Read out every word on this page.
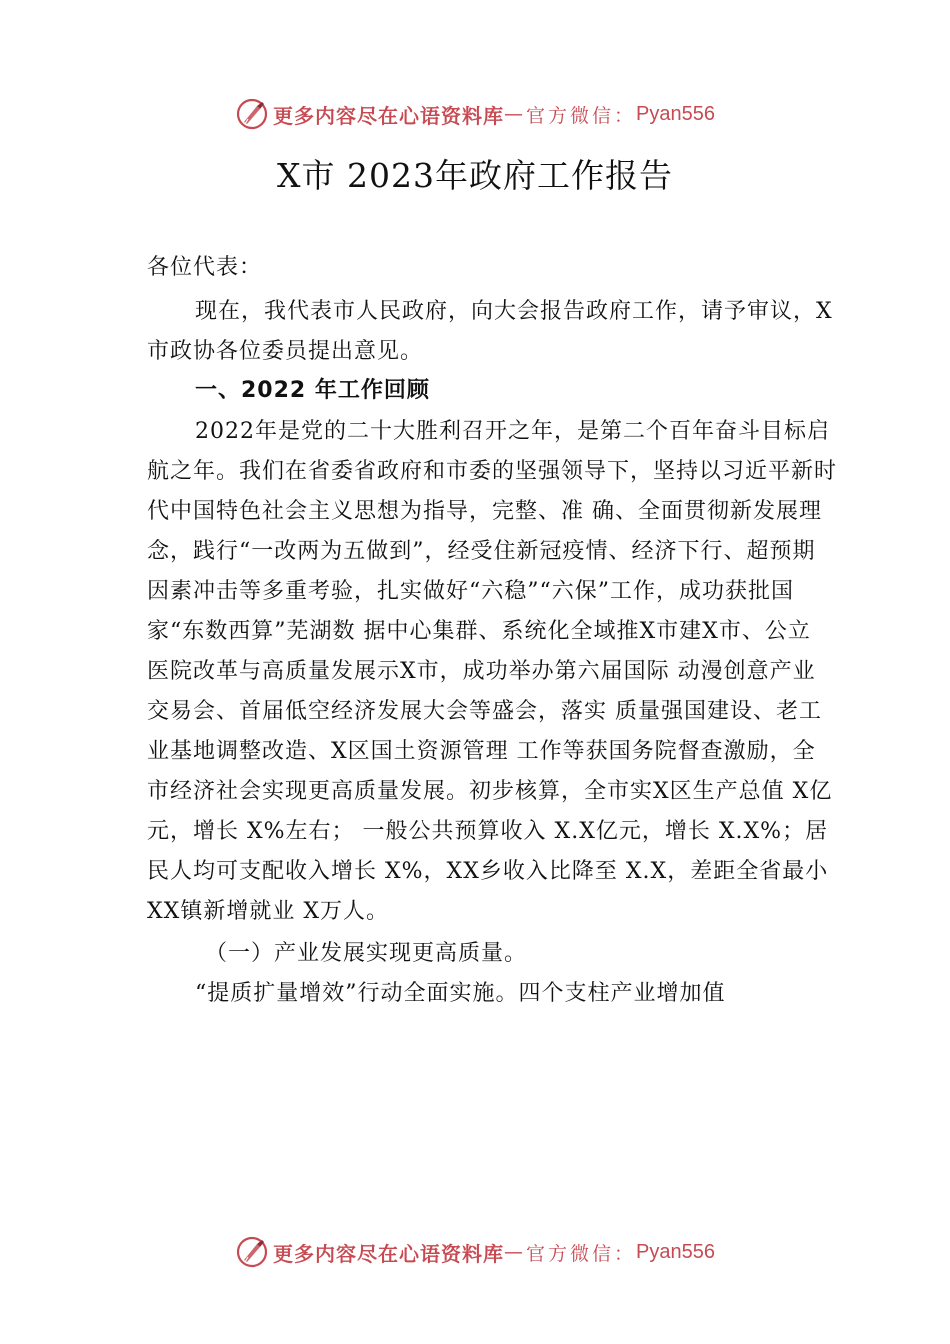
更多内容尽在心语资料库 — 官方微信： Pyan556
X市 2023年政府工作报告

各位代表：

现在，我代表市人民政府，向大会报告政府工作，请予审议，X市政协各位委员提出意见。

一、2022 年工作回顾

2022年是党的二十大胜利召开之年，是第二个百年奋斗目标启航之年。我们在省委省政府和市委的坚强领导下，坚持以习近平新时代中国特色社会主义思想为指导，完整、准 确、全面贯彻新发展理念，践行“一改两为五做到”，经受住新冠疫情、经济下行、超预期因素冲击等多重考验，扎实做好“六稳”“六保”工作，成功获批国家“东数西算”芜湖数 据中心集群、系统化全域推X市建X市、公立 医院改革与高质量发展示X市，成功举办第六届国际 动漫创意产业交易会、首届低空经济发展大会等盛会，落实 质量强国建设、老工业基地调整改造、X区国土资源管理 工作等获国务院督查激励，全市经济社会实现更高质量发展。初步核算，全市实X区生产总值 X亿元，增长 X%左右； 一般公共预算收入 X.X亿元，增长 X.X%；居民人均可支配收入增长 X%，XX乡收入比降至 X.X，差距全省最小XX镇新增就业 X万人。

（一）产业发展实现更高质量。

“提质扩量增效”行动全面实施。四个支柱产业增加值

更多内容尽在心语资料库 — 官方微信： Pyan556
